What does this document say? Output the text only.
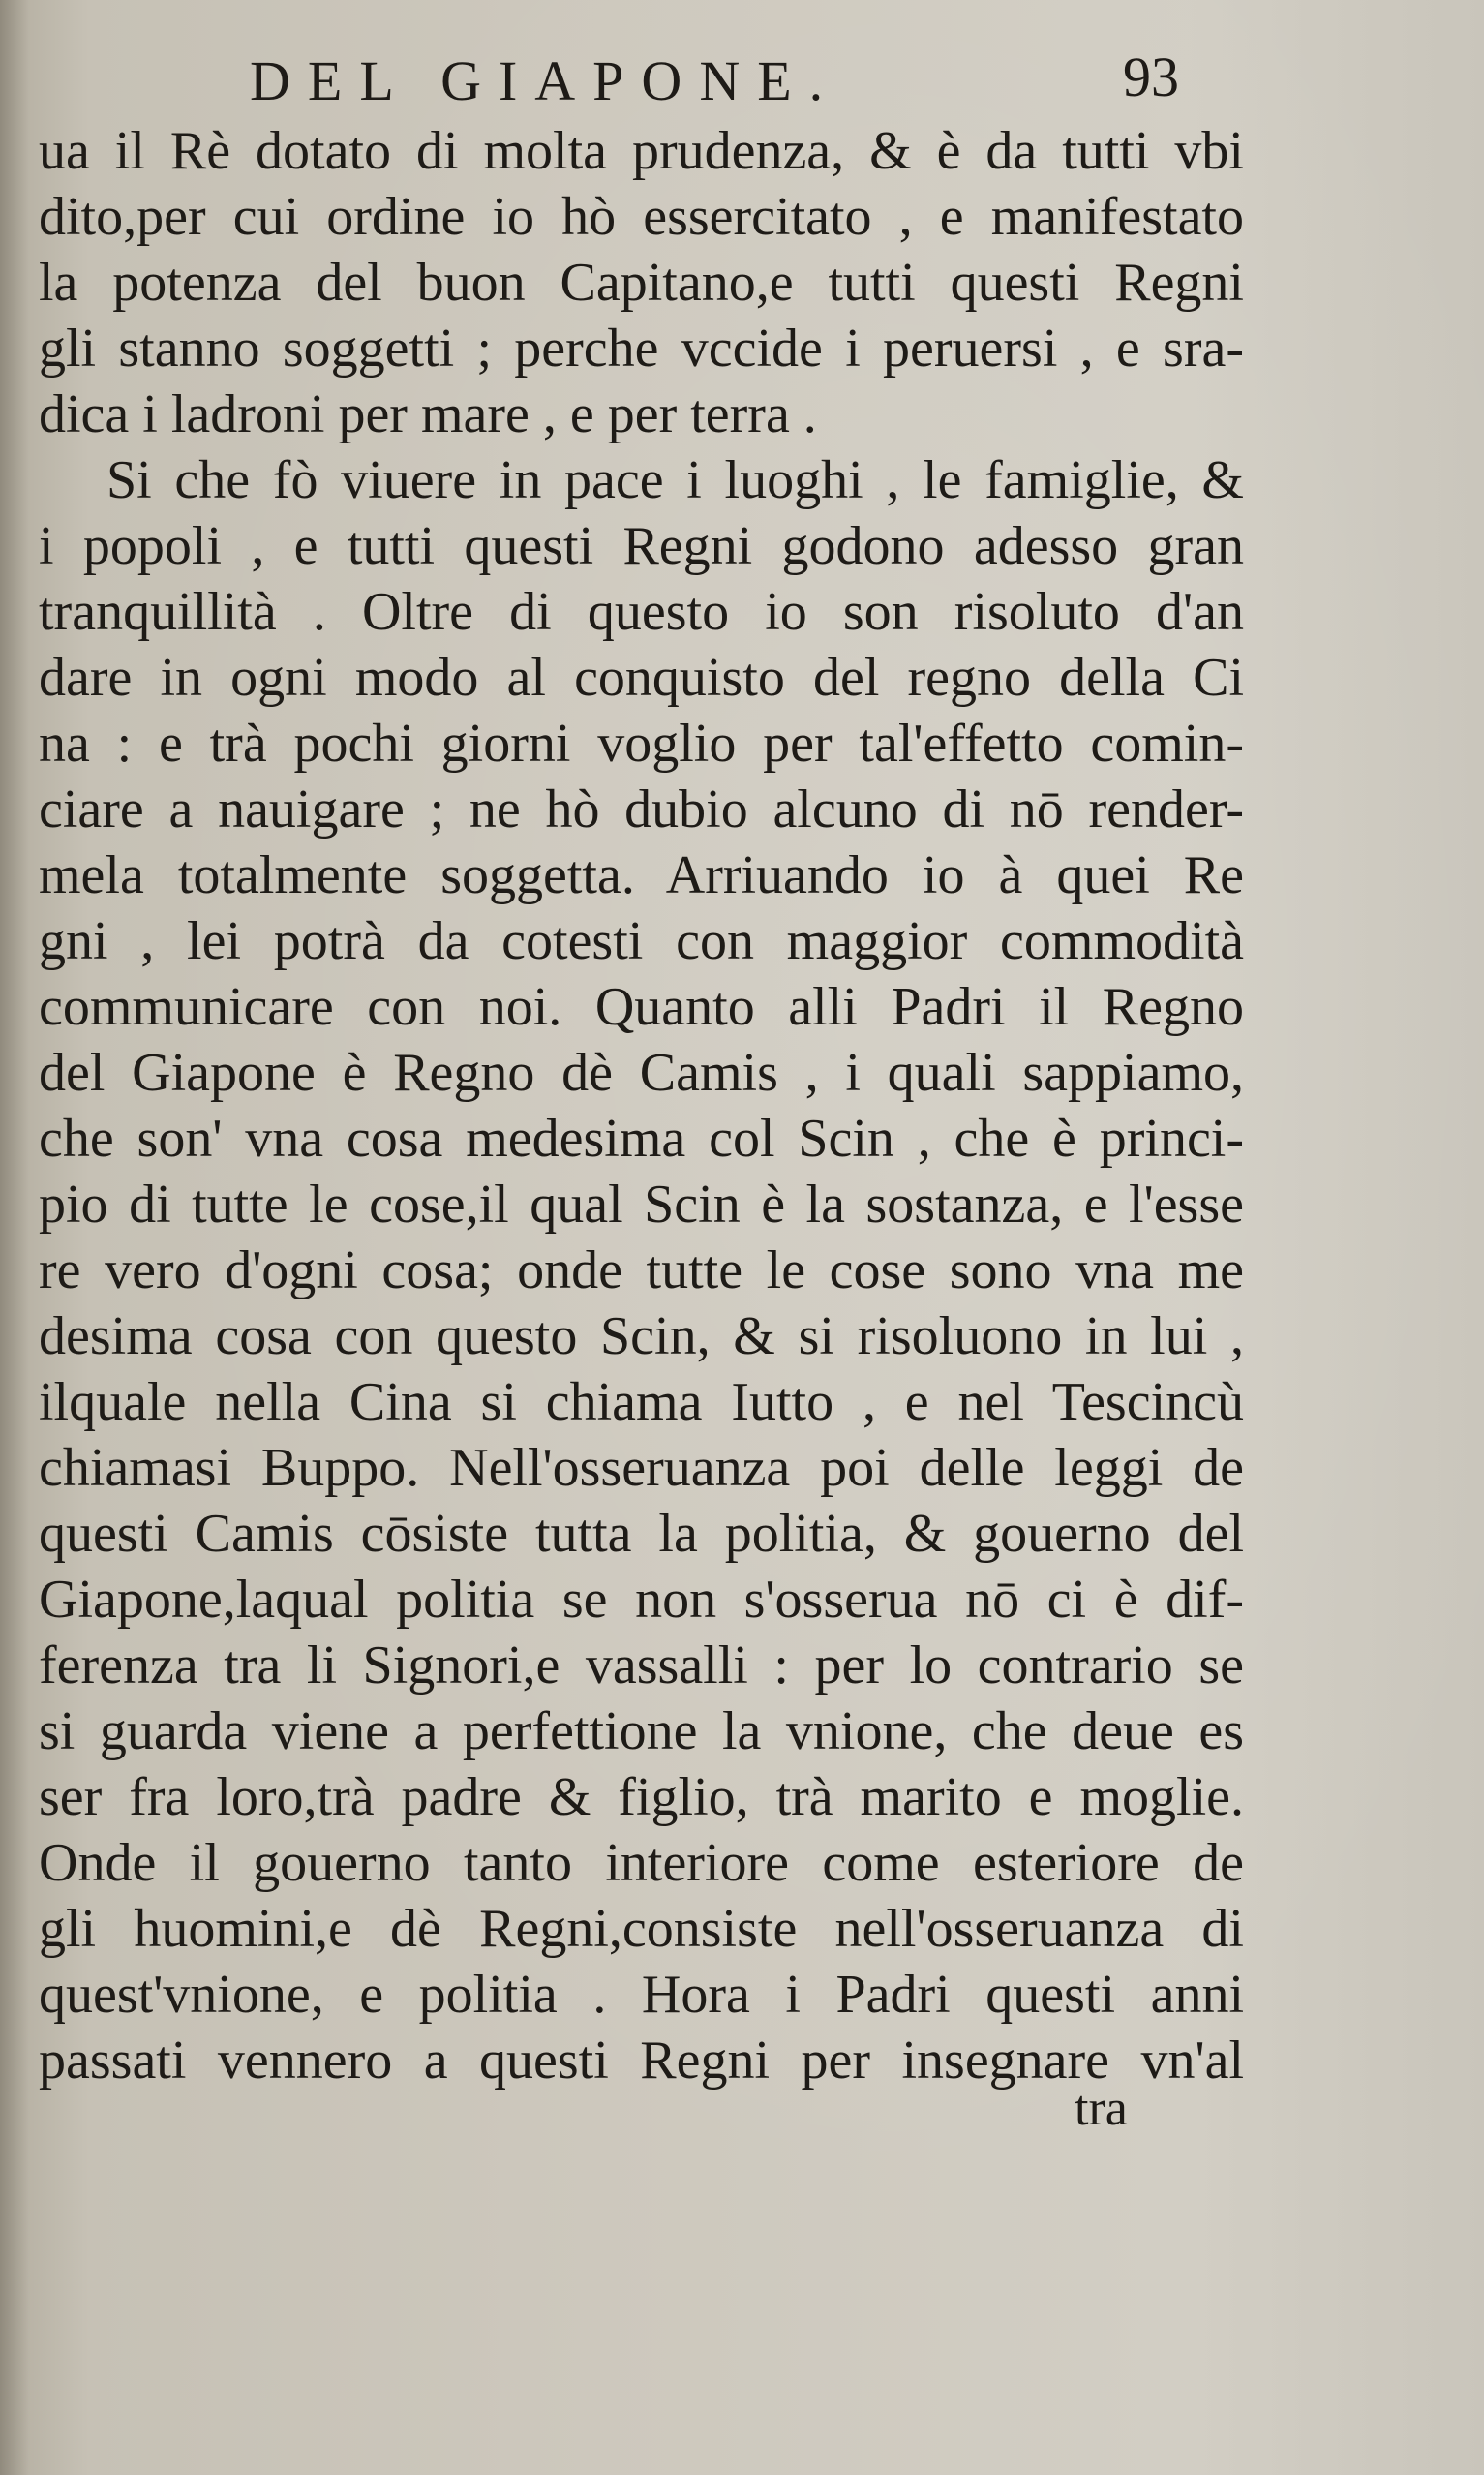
DEL GIAPONE.	93
ua il Rè dotato di molta prudenza, & è da tutti vbi
dito,per cui ordine io hò essercitato , e manifestato
la potenza del buon Capitano,e tutti questi Regni
gli stanno soggetti ; perche vccide i peruersi , e sra-
dica i ladroni per mare , e per terra .
Si che fò viuere in pace i luoghi , le famiglie, &
i popoli , e tutti questi Regni godono adesso gran
tranquillità . Oltre di questo io son risoluto d'an
dare in ogni modo al conquisto del regno della Ci
na : e trà pochi giorni voglio per tal'effetto comin-
ciare a nauigare ; ne hò dubio alcuno di nō render-
mela totalmente soggetta. Arriuando io à quei Re
gni , lei potrà da cotesti con maggior commodità
communicare con noi. Quanto alli Padri il Regno
del Giapone è Regno dè Camis , i quali sappiamo,
che son' vna cosa medesima col Scin , che è princi-
pio di tutte le cose,il qual Scin è la sostanza, e l'esse
re vero d'ogni cosa; onde tutte le cose sono vna me
desima cosa con questo Scin, & si risoluono in lui ,
ilquale nella Cina si chiama Iutto , e nel Tescincù
chiamasi Buppo. Nell'osseruanza poi delle leggi de
questi Camis cōsiste tutta la politia, & gouerno del
Giapone,laqual politia se non s'osserua nō ci è dif-
ferenza tra li Signori,e vassalli : per lo contrario se
si guarda viene a perfettione la vnione, che deue es
ser fra loro,trà padre & figlio, trà marito e moglie.
Onde il gouerno tanto interiore come esteriore de
gli huomini,e dè Regni,consiste nell'osseruanza di
quest'vnione, e politia . Hora i Padri questi anni
passati vennero a questi Regni per insegnare vn'al
tra
